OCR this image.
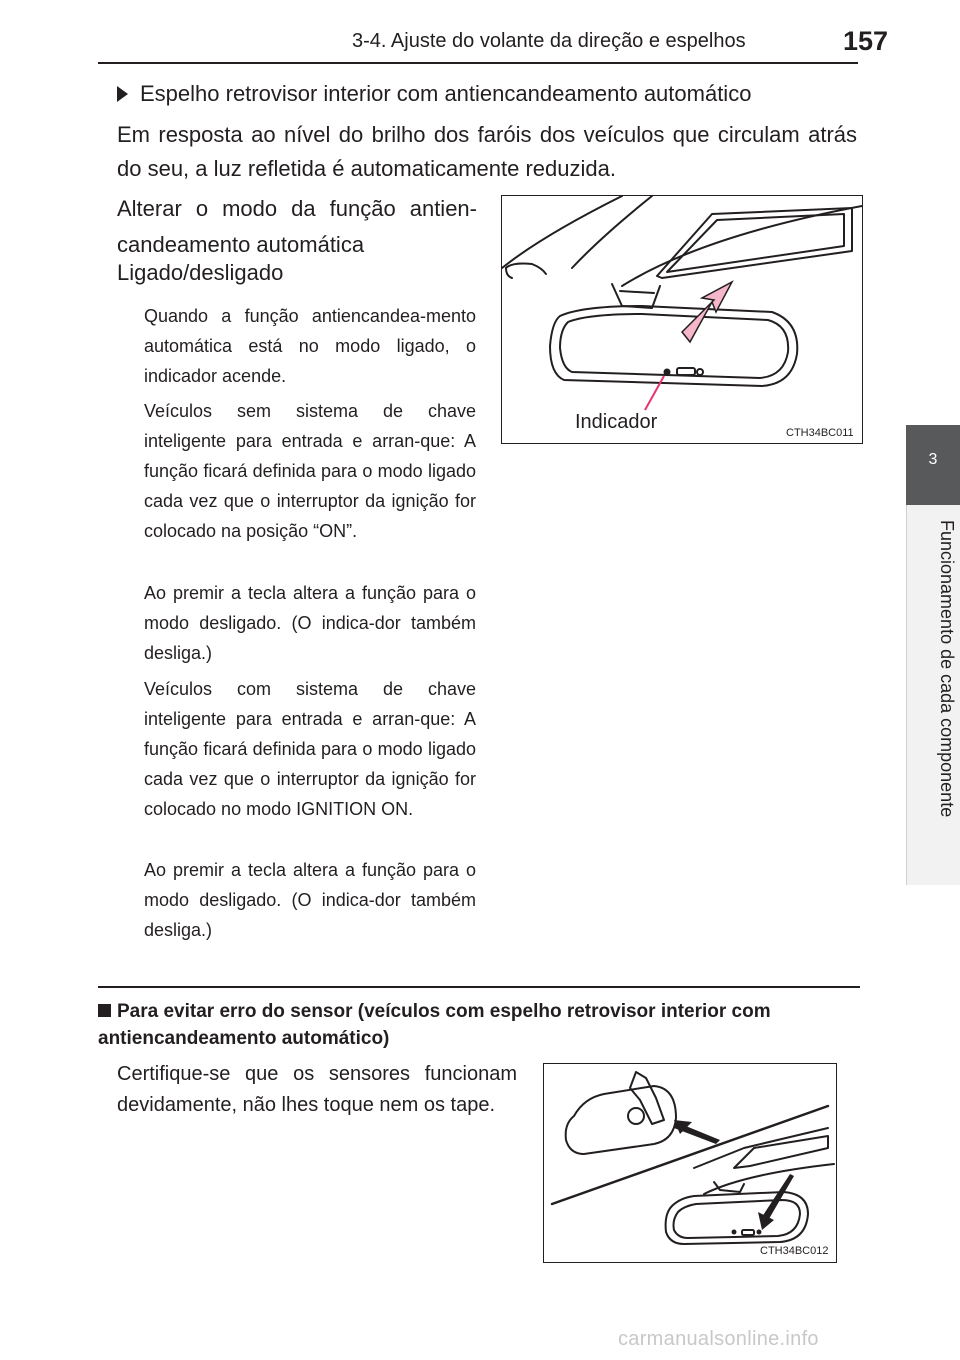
3-4. Ajuste do volante da direção e espelhos	157
3
Funcionamento de cada componente
Espelho retrovisor interior com antiencandeamento automático
Em resposta ao nível do brilho dos faróis dos veículos que circulam atrás do seu, a luz refletida é automaticamente reduzida.
Alterar o modo da função antien-candeamento automática
Ligado/desligado
Quando a função antiencandea-mento automática está no modo ligado, o indicador acende.
Veículos sem sistema de chave inteligente para entrada e arran-que: A função ficará definida para o modo ligado cada vez que o interruptor da ignição for colocado na posição “ON”.
Ao premir a tecla altera a função para o modo desligado. (O indica-dor também desliga.)
Veículos com sistema de chave inteligente para entrada e arran-que: A função ficará definida para o modo ligado cada vez que o interruptor da ignição for colocado no modo IGNITION ON.
Ao premir a tecla altera a função para o modo desligado. (O indica-dor também desliga.)
Indicador	CTH34BC011
Para evitar erro do sensor (veículos com espelho retrovisor interior com antiencandeamento automático)
Certifique-se que os sensores funcionam devidamente, não lhes toque nem os tape.
CTH34BC012
carmanualsonline.info
